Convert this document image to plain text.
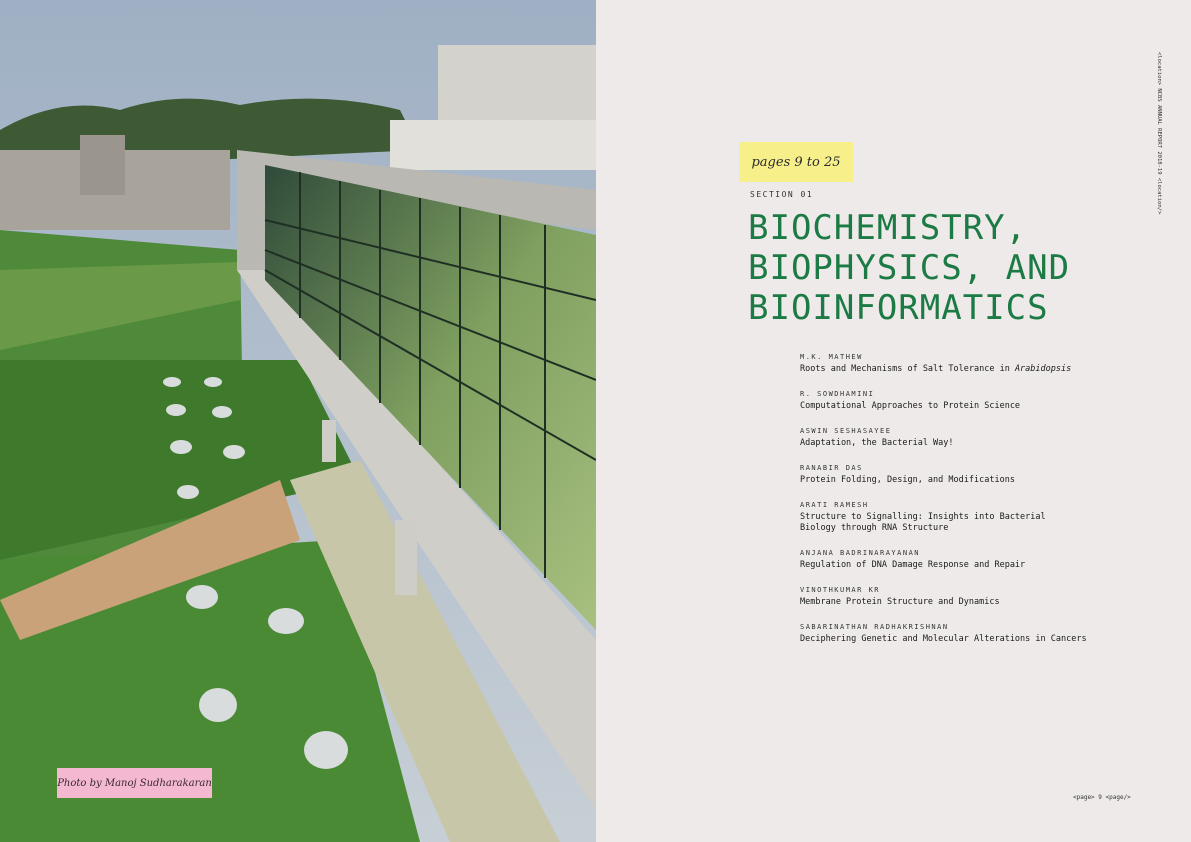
Photo by Manoj Sudharakaran
pages 9 to 25
SECTION 01
BIOCHEMISTRY,
BIOPHYSICS, AND
BIOINFORMATICS
M.K. MATHEW
Roots and Mechanisms of Salt Tolerance in Arabidopsis
R. SOWDHAMINI
Computational Approaches to Protein Science
ASWIN SESHASAYEE
Adaptation, the Bacterial Way!
RANABIR DAS
Protein Folding, Design, and Modifications
ARATI RAMESH
Structure to Signalling: Insights into Bacterial Biology through RNA Structure
ANJANA BADRINARAYANAN
Regulation of DNA Damage Response and Repair
VINOTHKUMAR KR
Membrane Protein Structure and Dynamics
SABARINATHAN RADHAKRISHNAN
Deciphering Genetic and Molecular Alterations in Cancers
<location> NCBS ANNUAL REPORT 2018-19 <location/>
<page> 9 <page/>
